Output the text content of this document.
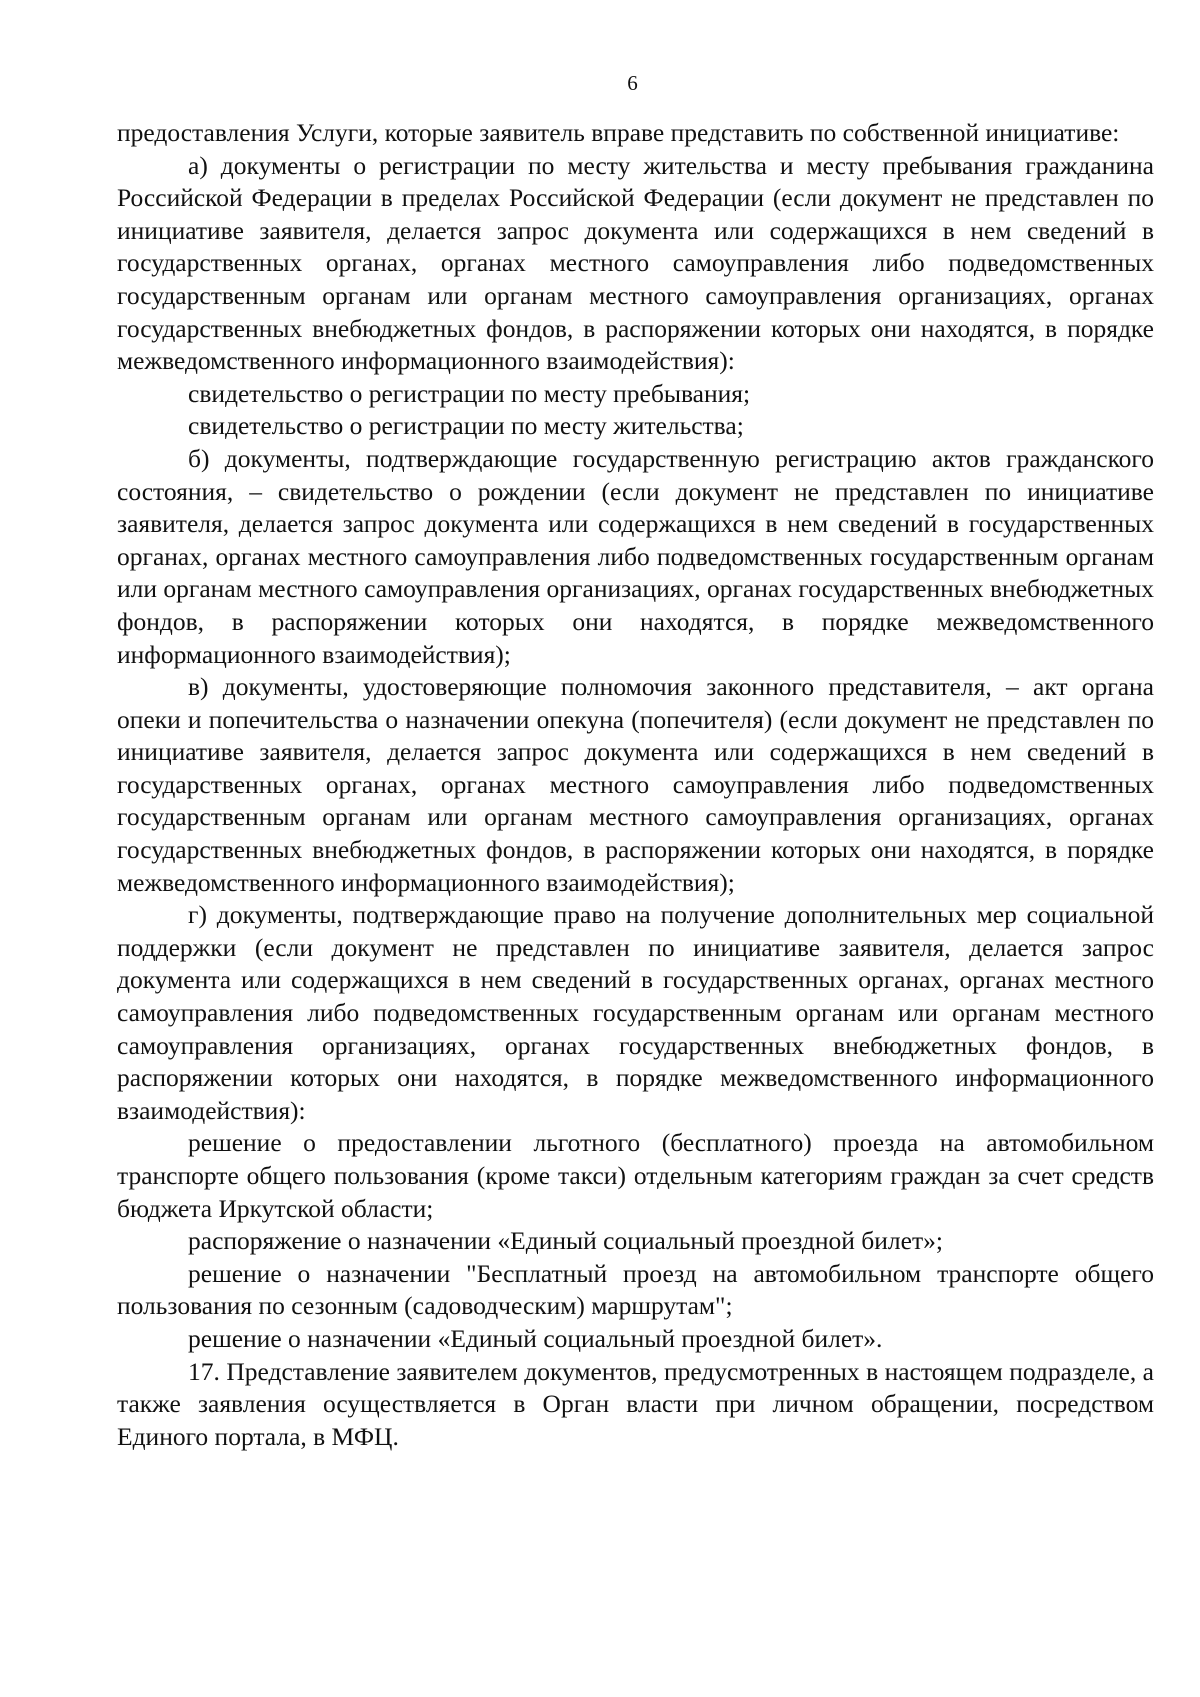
6

предоставления Услуги, которые заявитель вправе представить по собственной инициативе:

а) документы о регистрации по месту жительства и месту пребывания гражданина Российской Федерации в пределах Российской Федерации (если документ не представлен по инициативе заявителя, делается запрос документа или содержащихся в нем сведений в государственных органах, органах местного самоуправления либо подведомственных государственным органам или органам местного самоуправления организациях, органах государственных внебюджетных фондов, в распоряжении которых они находятся, в порядке межведомственного информационного взаимодействия):

свидетельство о регистрации по месту пребывания;

свидетельство о регистрации по месту жительства;

б) документы, подтверждающие государственную регистрацию актов гражданского состояния, – свидетельство о рождении (если документ не представлен по инициативе заявителя, делается запрос документа или содержащихся в нем сведений в государственных органах, органах местного самоуправления либо подведомственных государственным органам или органам местного самоуправления организациях, органах государственных внебюджетных фондов, в распоряжении которых они находятся, в порядке межведомственного информационного взаимодействия);

в) документы, удостоверяющие полномочия законного представителя, – акт органа опеки и попечительства о назначении опекуна (попечителя) (если документ не представлен по инициативе заявителя, делается запрос документа или содержащихся в нем сведений в государственных органах, органах местного самоуправления либо подведомственных государственным органам или органам местного самоуправления организациях, органах государственных внебюджетных фондов, в распоряжении которых они находятся, в порядке межведомственного информационного взаимодействия);

г) документы, подтверждающие право на получение дополнительных мер социальной поддержки (если документ не представлен по инициативе заявителя, делается запрос документа или содержащихся в нем сведений в государственных органах, органах местного самоуправления либо подведомственных государственным органам или органам местного самоуправления организациях, органах государственных внебюджетных фондов, в распоряжении которых они находятся, в порядке межведомственного информационного взаимодействия):

решение о предоставлении льготного (бесплатного) проезда на автомобильном транспорте общего пользования (кроме такси) отдельным категориям граждан за счет средств бюджета Иркутской области;

распоряжение о назначении «Единый социальный проездной билет»;

решение о назначении "Бесплатный проезд на автомобильном транспорте общего пользования по сезонным (садоводческим) маршрутам";

решение о назначении «Единый социальный проездной билет».

17. Представление заявителем документов, предусмотренных в настоящем подразделе, а также заявления осуществляется в Орган власти при личном обращении, посредством Единого портала, в МФЦ.
